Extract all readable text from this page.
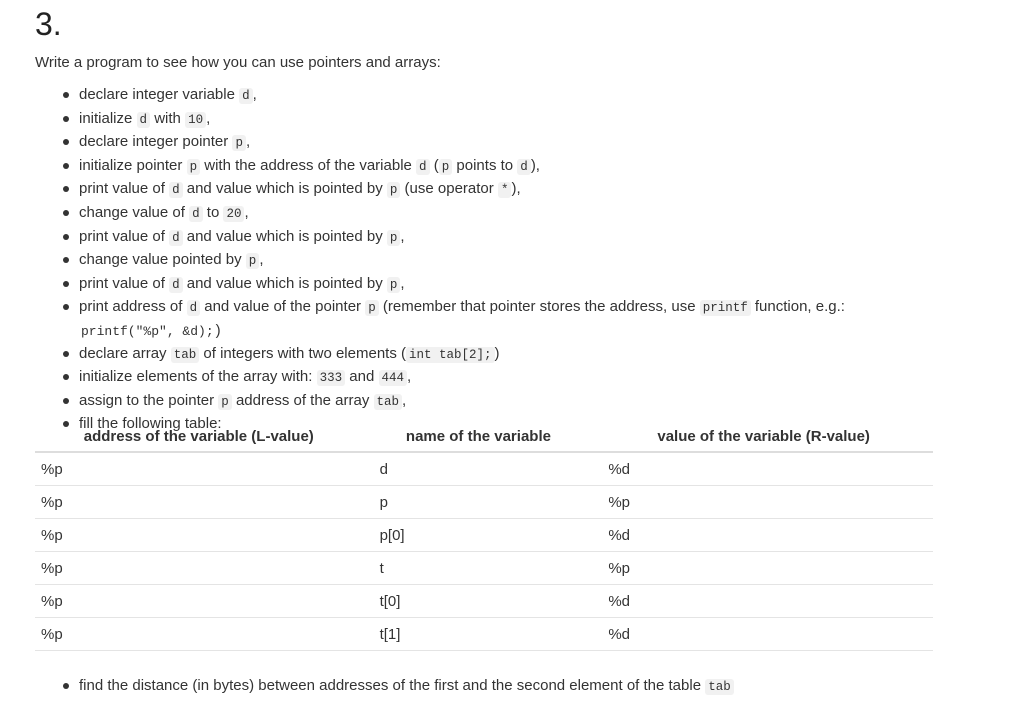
3.

Write a program to see how you can use pointers and arrays:

declare integer variable d ,
initialize d with 10 ,
declare integer pointer p ,
initialize pointer p with the address of the variable d ( p points to d ),
print value of d and value which is pointed by p (use operator * ),
change value of d to 20 ,
print value of d and value which is pointed by p ,
change value pointed by p ,
print value of d and value which is pointed by p ,
print address of d and value of the pointer p (remember that pointer stores the address, use printf function, e.g.:
printf("%p", &d); )
declare array tab of integers with two elements ( int tab[2]; )
initialize elements of the array with: 333 and 444 ,
assign to the pointer p address of the array tab ,
fill the following table:
address of the variable (L-value)	name of the variable	value of the variable (R-value)
%p	d	%d
%p	p	%p
%p	p[0]	%d
%p	t	%p
%p	t[0]	%d
%p	t[1]	%d
find the distance (in bytes) between addresses of the first and the second element of the table tab
